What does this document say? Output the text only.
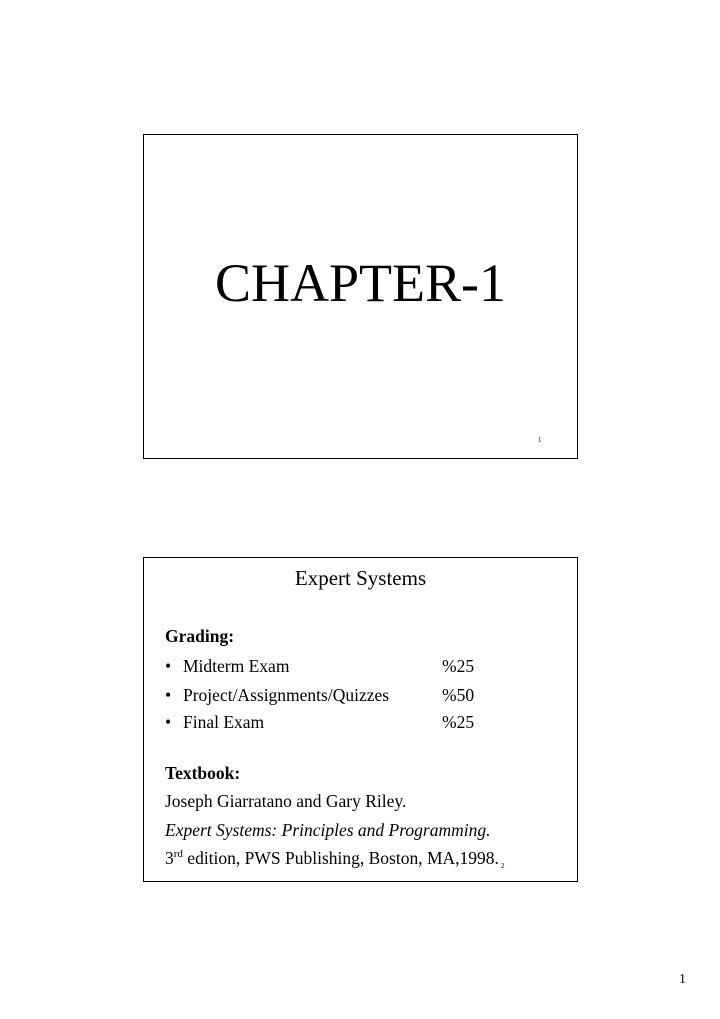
CHAPTER-1
1
Expert Systems
Grading:
• Midterm Exam	%25
• Project/Assignments/Quizzes	%50
• Final Exam	%25
Textbook:
Joseph Giarratano and Gary Riley.
Expert Systems: Principles and Programming.
3rd edition, PWS Publishing, Boston, MA,1998. $_2$
1
